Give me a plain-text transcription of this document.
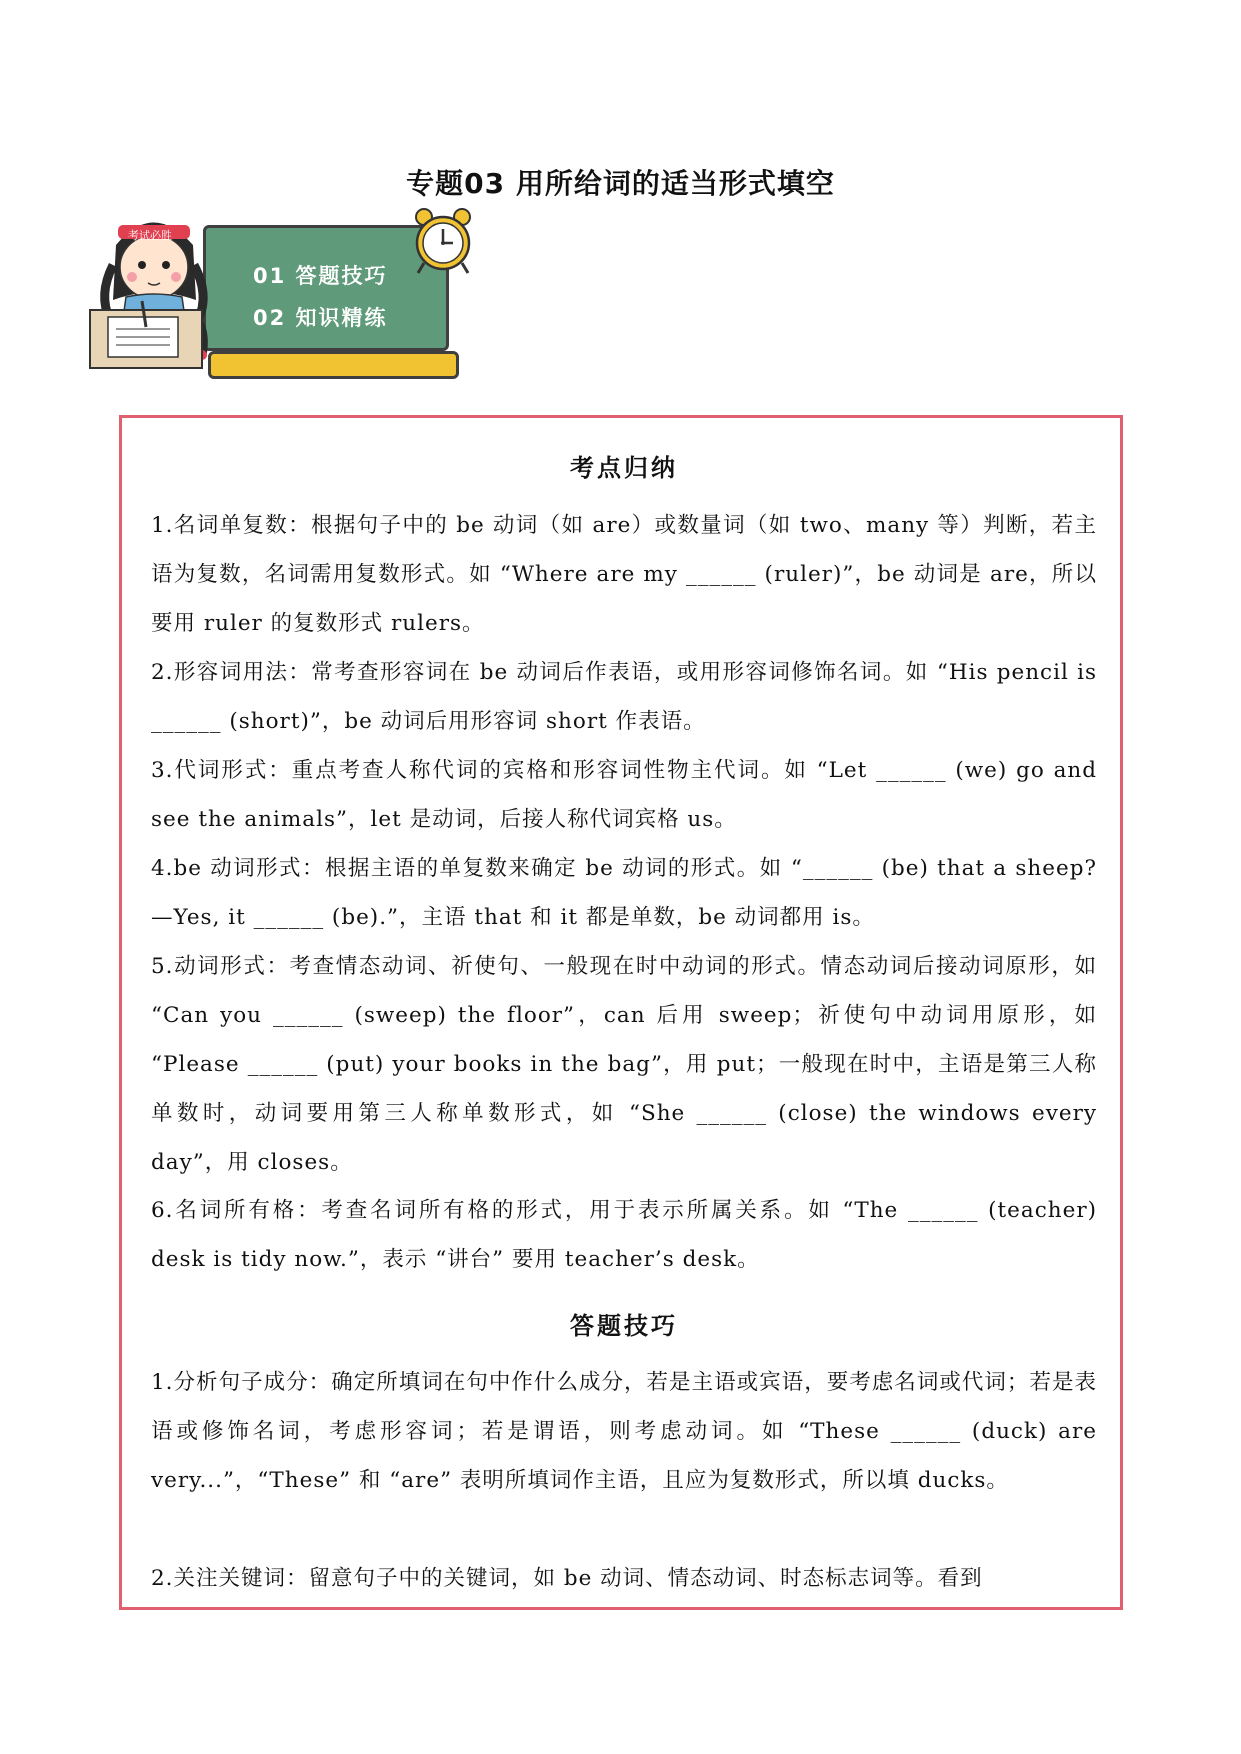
专题03 用所给词的适当形式填空
01 答题技巧
02 知识精练
考试必胜
考点归纳
1.名词单复数：根据句子中的 be 动词（如 are）或数量词（如 two、many 等）判断，若主语为复数，名词需用复数形式。如 “Where are my ______ (ruler)”，be 动词是 are，所以要用 ruler 的复数形式 rulers。
2.形容词用法：常考查形容词在 be 动词后作表语，或用形容词修饰名词。如 “His pencil is ______ (short)”，be 动词后用形容词 short 作表语。
3.代词形式：重点考查人称代词的宾格和形容词性物主代词。如 “Let ______ (we) go and see the animals”，let 是动词，后接人称代词宾格 us。
4.be 动词形式：根据主语的单复数来确定 be 动词的形式。如 “______ (be) that a sheep? —Yes, it ______ (be).”，主语 that 和 it 都是单数，be 动词都用 is。
5.动词形式：考查情态动词、祈使句、一般现在时中动词的形式。情态动词后接动词原形，如 “Can you ______ (sweep) the floor”，can 后用 sweep；祈使句中动词用原形，如 “Please ______ (put) your books in the bag”，用 put；一般现在时中，主语是第三人称单数时，动词要用第三人称单数形式，如 “She ______ (close) the windows every day”，用 closes。
6.名词所有格：考查名词所有格的形式，用于表示所属关系。如 “The ______ (teacher) desk is tidy now.”，表示 “讲台” 要用 teacher’s desk。
答题技巧
1.分析句子成分：确定所填词在句中作什么成分，若是主语或宾语，要考虑名词或代词；若是表语或修饰名词，考虑形容词；若是谓语，则考虑动词。如 “These ______ (duck) are very...”，“These” 和 “are” 表明所填词作主语，且应为复数形式，所以填 ducks。
2.关注关键词：留意句子中的关键词，如 be 动词、情态动词、时态标志词等。看到
